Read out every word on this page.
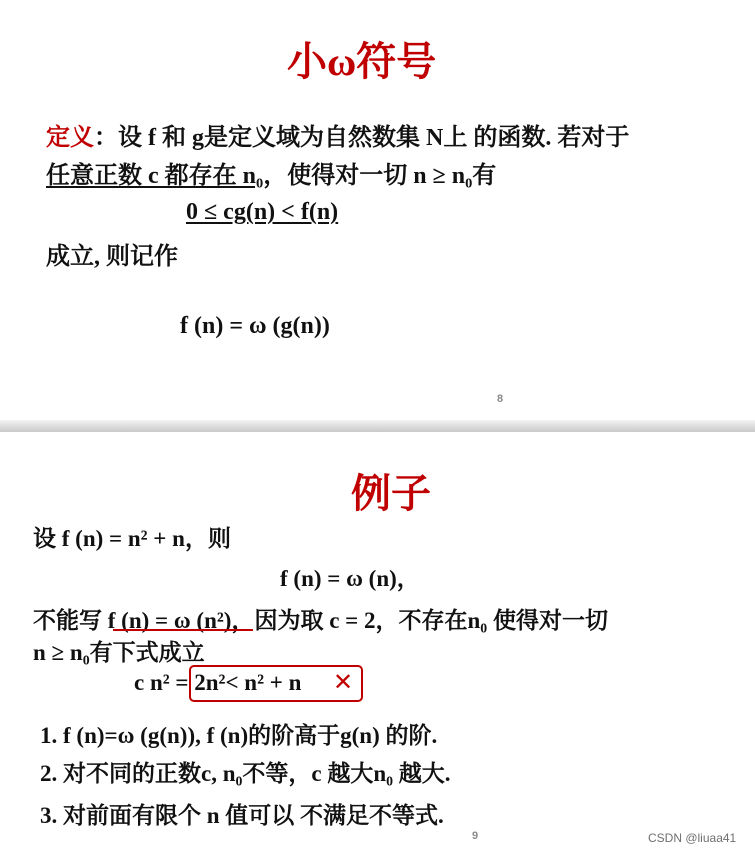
小ω符号
定义：设 f 和 g是定义域为自然数集 N上 的函数. 若对于
任意正数 c 都存在 n₀，使得对一切 n ≥ n₀有
0 ≤ cg(n) < f(n)
成立, 则记作
f (n) = ω (g(n))
8
例子
设 f (n) = n² + n，则
f (n) = ω (n)，
不能写 f (n) = ω (n²)，因为取 c = 2，不存在n₀ 使得对一切
n ≥ n₀有下式成立
c n² = 2n²< n² + n ✕
1. f (n)=ω (g(n)), f (n)的阶高于g(n) 的阶.
2. 对不同的正数c, n₀不等，c 越大n₀ 越大.
3. 对前面有限个 n 值可以 不满足不等式.
9	CSDN @liuaa41
